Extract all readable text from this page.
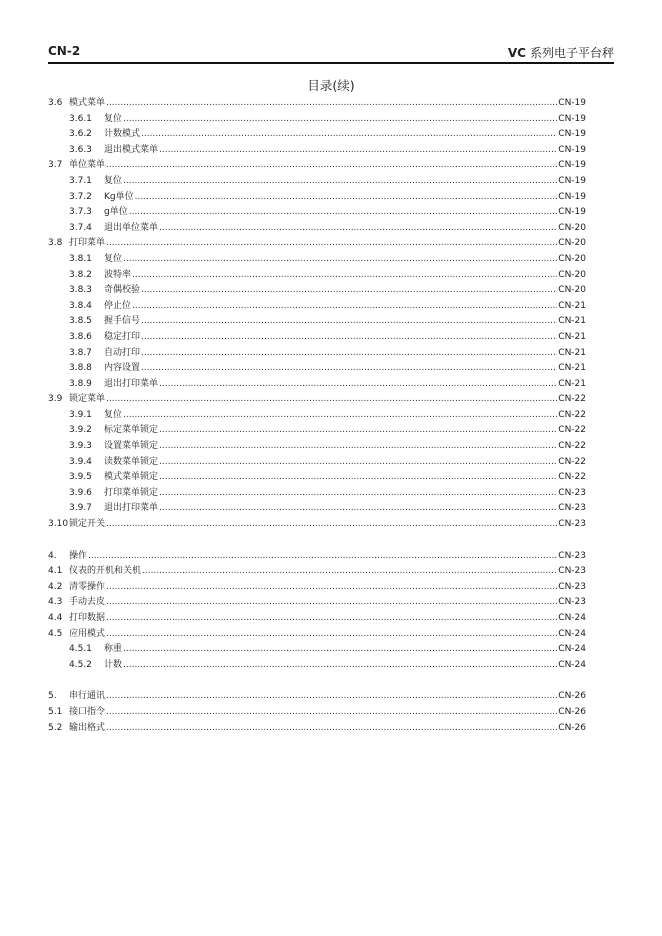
CN-2	VC 系列电子平台秤
目录(续)
3.6 模式菜单 .....	CN-19
3.6.1	复位 .....	CN-19
3.6.2	计数模式 .....	CN-19
3.6.3	退出模式菜单 .....	CN-19
3.7 单位菜单 .....	CN-19
3.7.1	复位 .....	CN-19
3.7.2	Kg单位 .....	CN-19
3.7.3	g单位 .....	CN-19
3.7.4	退出单位菜单 .....	CN-20
3.8 打印菜单 .....	CN-20
3.8.1	复位 .....	CN-20
3.8.2	波特率 .....	CN-20
3.8.3	奇偶校验 .....	CN-20
3.8.4	停止位 .....	CN-21
3.8.5	握手信号 .....	CN-21
3.8.6	稳定打印 .....	CN-21
3.8.7	自动打印 .....	CN-21
3.8.8	内容设置 .....	CN-21
3.8.9	退出打印菜单 .....	CN-21
3.9 锁定菜单 .....	CN-22
3.9.1	复位 .....	CN-22
3.9.2	标定菜单锁定 .....	CN-22
3.9.3	设置菜单锁定 .....	CN-22
3.9.4	读数菜单锁定 .....	CN-22
3.9.5	模式菜单锁定 .....	CN-22
3.9.6	打印菜单锁定 .....	CN-23
3.9.7	退出打印菜单 .....	CN-23
3.10 锁定开关 .....	CN-23
4.	操作 .....	CN-23
4.1 仪表的开机和关机 .....	CN-23
4.2 清零操作 .....	CN-23
4.3 手动去皮 .....	CN-23
4.4 打印数据 .....	CN-24
4.5 应用模式 .....	CN-24
4.5.1	称重 .....	CN-24
4.5.2	计数 .....	CN-24
5.	串行通讯 .....	CN-26
5.1 接口指令 .....	CN-26
5.2 输出格式 .....	CN-26
